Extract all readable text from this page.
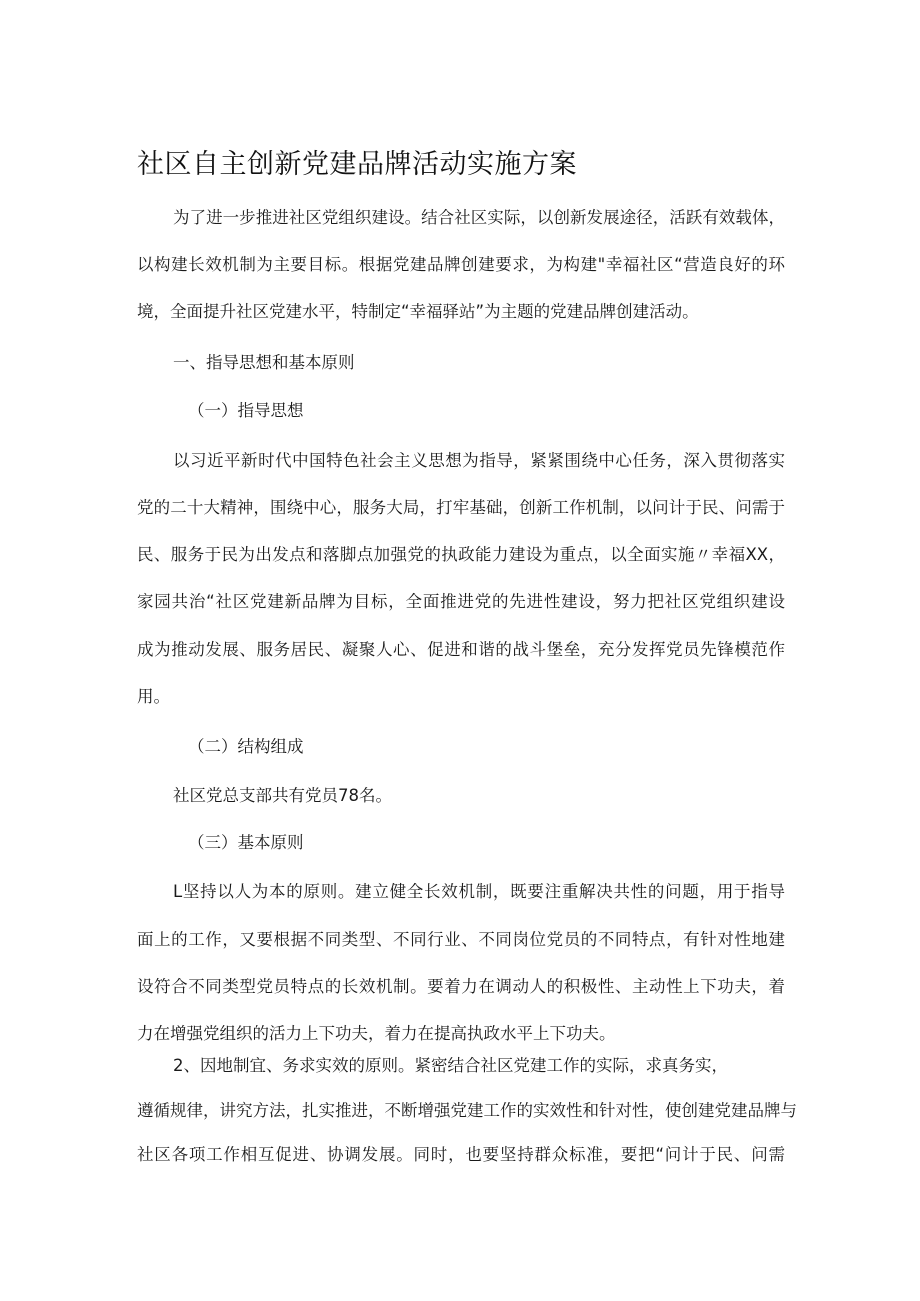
社区自主创新党建品牌活动实施方案
为了进一步推进社区党组织建设。结合社区实际，以创新发展途径，活跃有效载体，
以构建长效机制为主要目标。根据党建品牌创建要求，为构建"幸福社区“营造良好的环
境，全面提升社区党建水平，特制定“幸福驿站”为主题的党建品牌创建活动。
一、指导思想和基本原则
（一）指导思想
以习近平新时代中国特色社会主义思想为指导，紧紧围绕中心任务，深入贯彻落实
党的二十大精神，围绕中心，服务大局，打牢基础，创新工作机制，以问计于民、问需于
民、服务于民为出发点和落脚点加强党的执政能力建设为重点，以全面实施〃幸福XX，
家园共治“社区党建新品牌为目标，全面推进党的先进性建设，努力把社区党组织建设
成为推动发展、服务居民、凝聚人心、促进和谐的战斗堡垒，充分发挥党员先锋模范作
用。
（二）结构组成
社区党总支部共有党员78名。
（三）基本原则
L坚持以人为本的原则。建立健全长效机制，既要注重解决共性的问题，用于指导
面上的工作，又要根据不同类型、不同行业、不同岗位党员的不同特点，有针对性地建
设符合不同类型党员特点的长效机制。要着力在调动人的积极性、主动性上下功夫，着
力在增强党组织的活力上下功夫，着力在提高执政水平上下功夫。
2、因地制宜、务求实效的原则。紧密结合社区党建工作的实际，求真务实，
遵循规律，讲究方法，扎实推进，不断增强党建工作的实效性和针对性，使创建党建品牌与
社区各项工作相互促进、协调发展。同时，也要坚持群众标准，要把“问计于民、问需
